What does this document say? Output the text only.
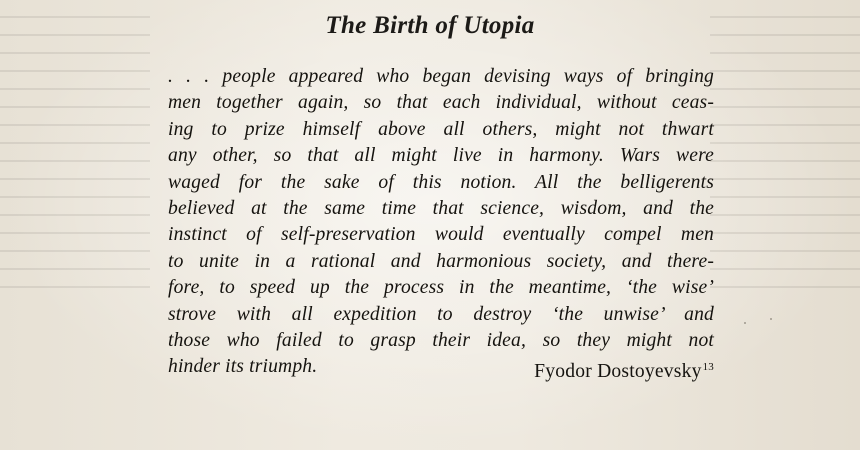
The Birth of Utopia
. . . people appeared who began devising ways of bringing
men together again, so that each individual, without ceas-
ing to prize himself above all others, might not thwart
any other, so that all might live in harmony. Wars were
waged for the sake of this notion. All the belligerents
believed at the same time that science, wisdom, and the
instinct of self-preservation would eventually compel men
to unite in a rational and harmonious society, and there-
fore, to speed up the process in the meantime, ‘the wise’
strove with all expedition to destroy ‘the unwise’ and
those who failed to grasp their idea, so they might not
hinder its triumph.	Fyodor Dostoyevsky$^{13}$
